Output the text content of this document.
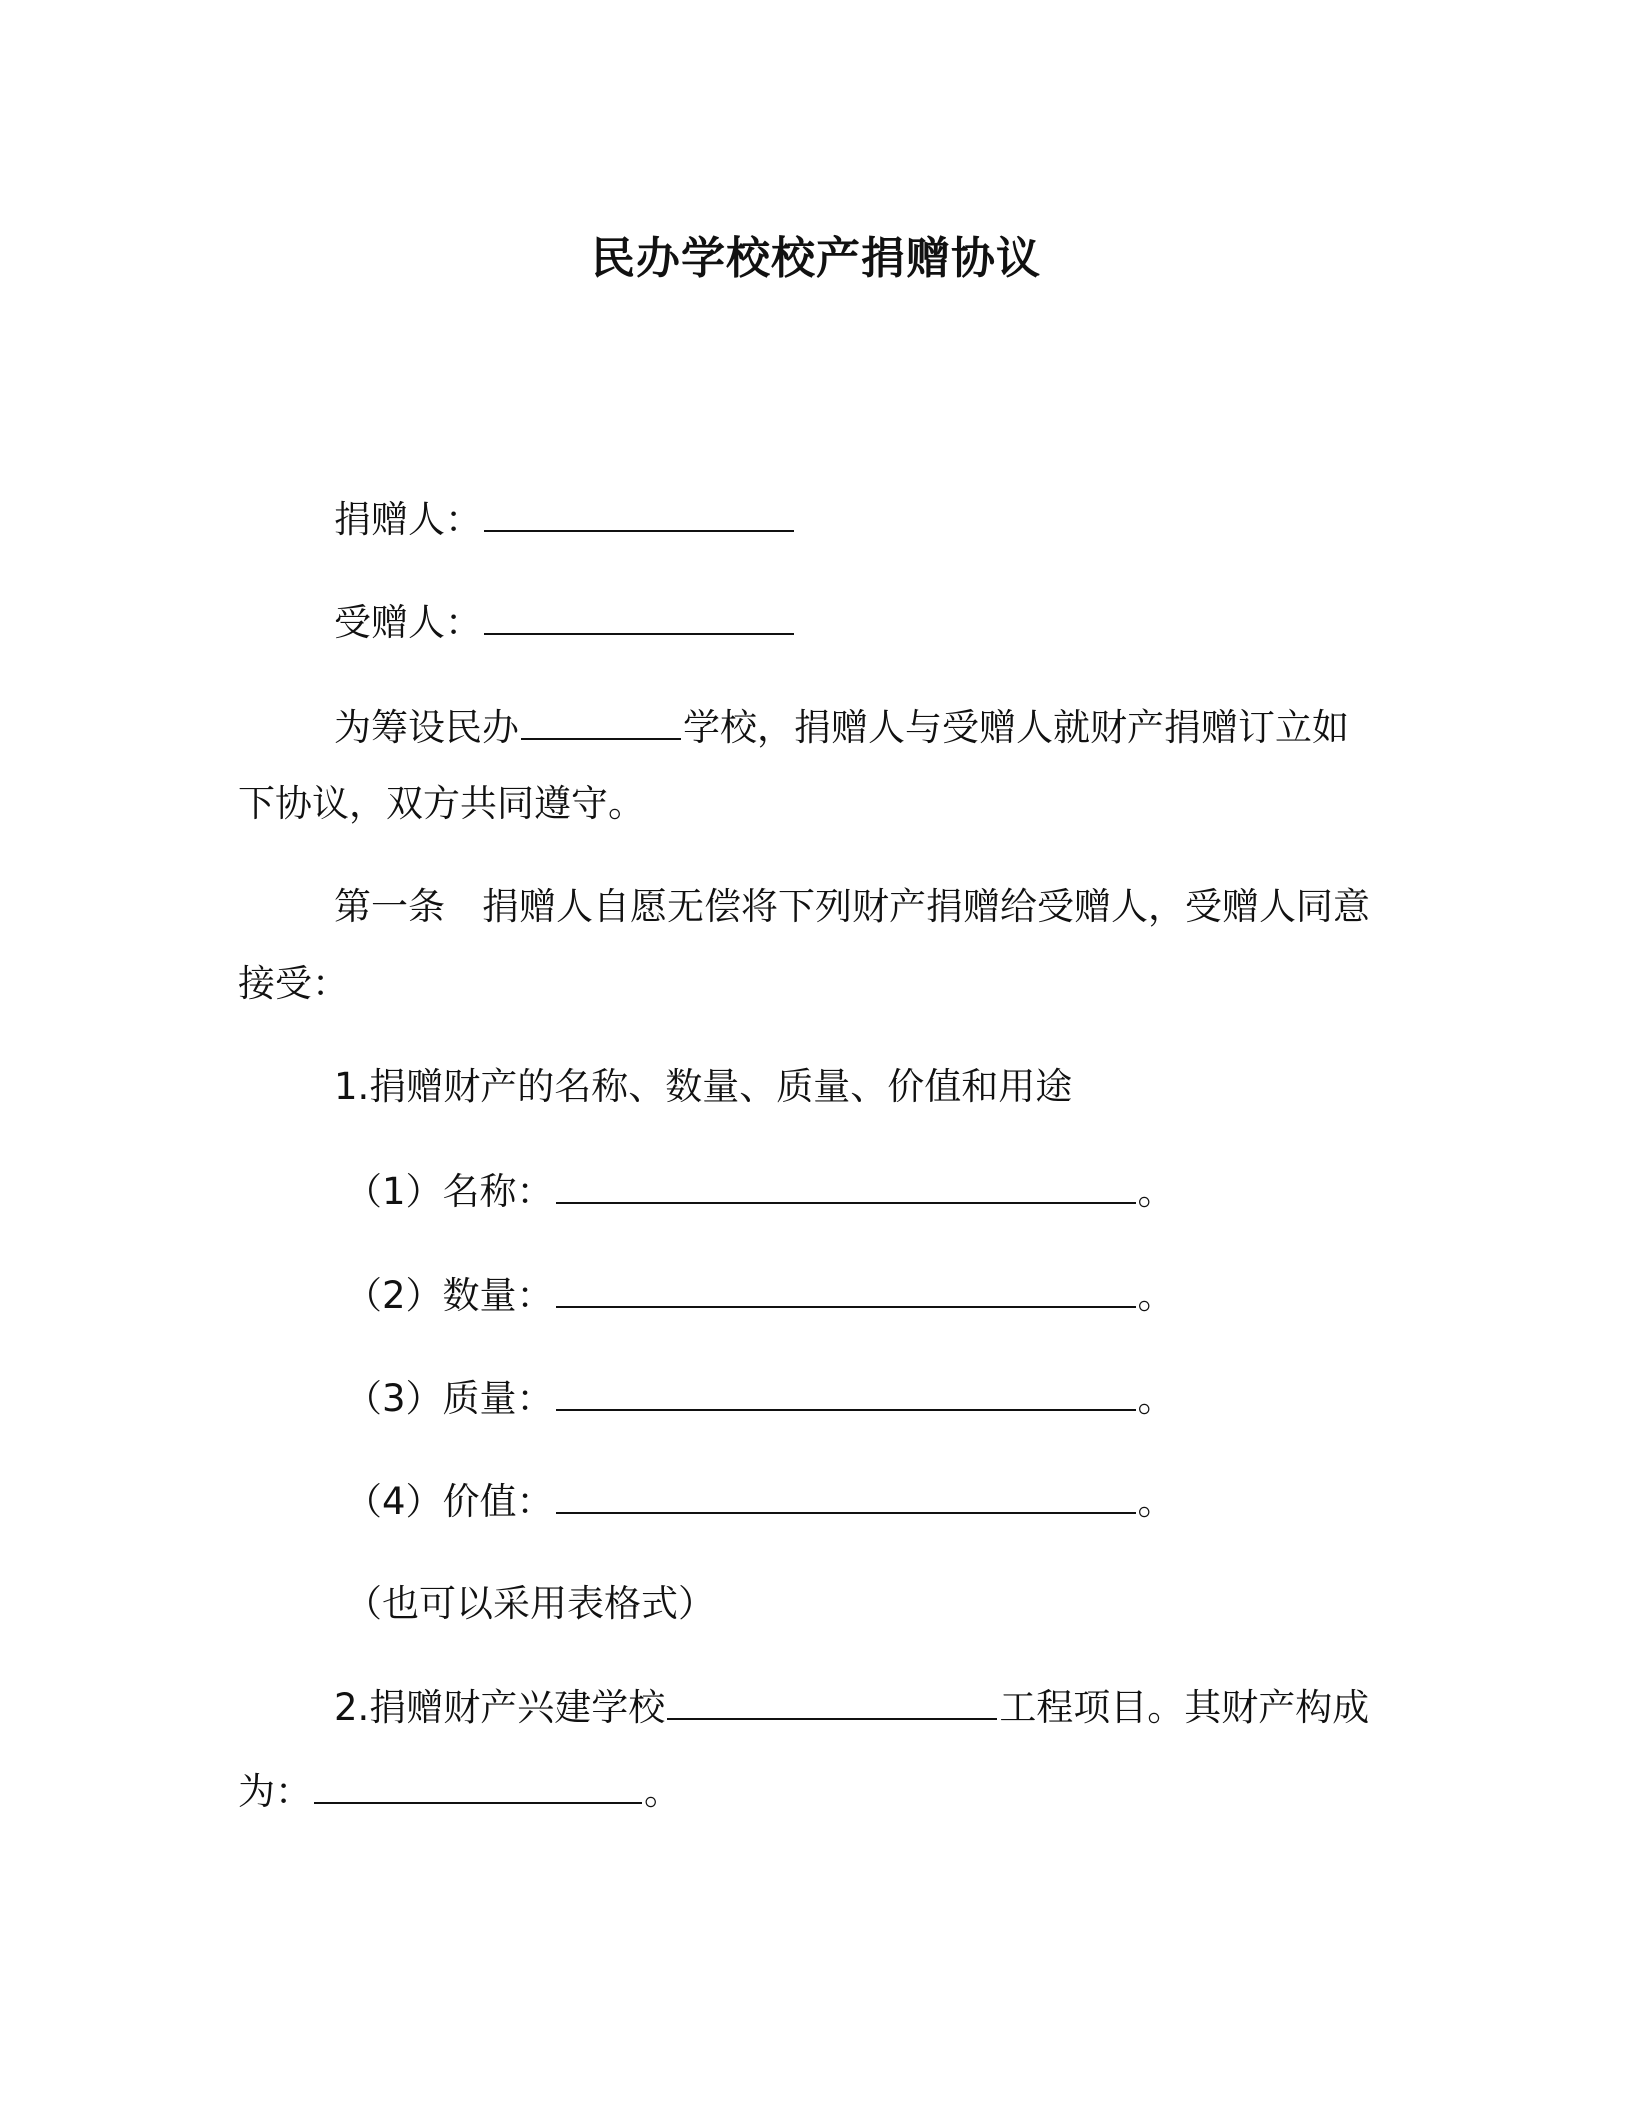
民办学校校产捐赠协议
捐赠人：
受赠人：
为筹设民办	学校，捐赠人与受赠人就财产捐赠订立如
下协议，双方共同遵守。
第一条　捐赠人自愿无偿将下列财产捐赠给受赠人，受赠人同意
接受：
1.捐赠财产的名称、数量、质量、价值和用途
（1）名称：	。
（2）数量：	。
（3）质量：	。
（4）价值：	。
（也可以采用表格式）
2.捐赠财产兴建学校	工程项目。其财产构成
为：	。
